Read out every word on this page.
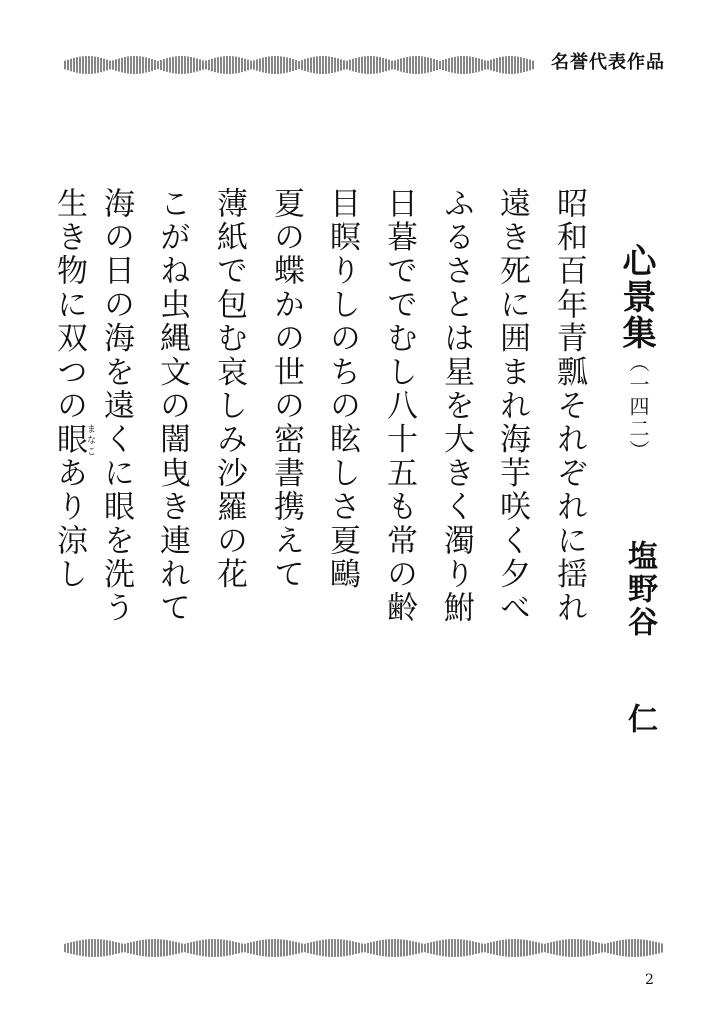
名誉代表作品
心景集
（一四二）
塩野谷仁
昭和百年青瓢それぞれに揺れ
遠き死に囲まれ海芋咲く夕べ
ふるさとは星を大きく濁り鮒
日暮ででむし八十五も常の齢
目瞑りしのちの眩しさ夏鷗
夏の蝶かの世の密書携えて
薄紙で包む哀しみ沙羅の花
こがね虫縄文の闇曳き連れて
海の日の海を遠くに眼を洗う
生き物に双つの眼まなこあり涼し
2
